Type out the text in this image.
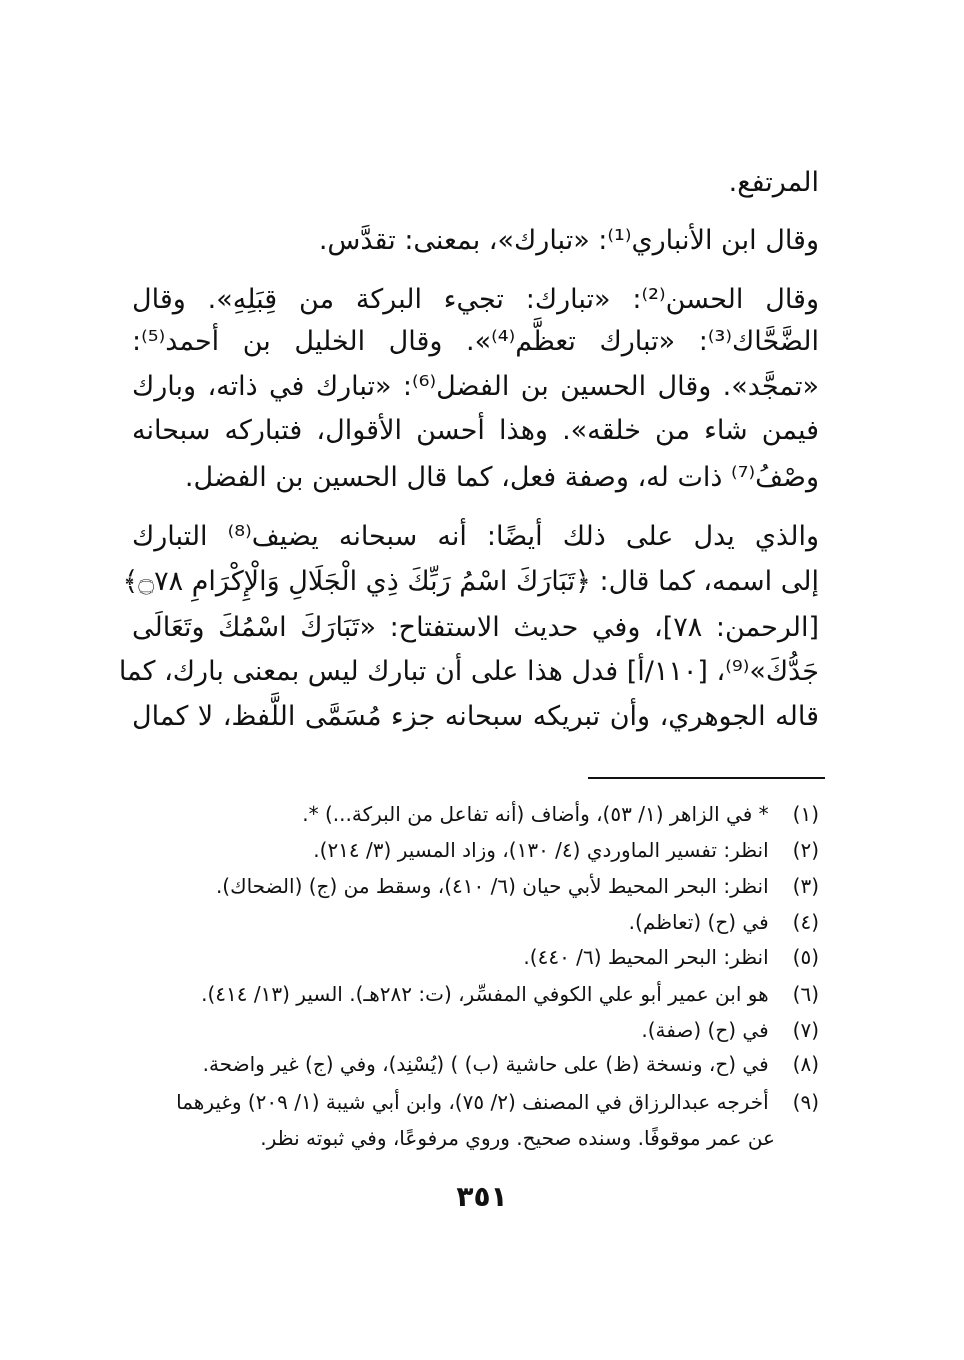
المرتفع.
وقال ابن الأنباري⁽¹⁾: «تبارك»، بمعنى: تقدَّس.
وقال الحسن⁽²⁾: «تبارك: تجيء البركة من قِبَلِهِ». وقال
الضَّحَّاك⁽³⁾: «تبارك تعظَّم⁽⁴⁾». وقال الخليل بن أحمد⁽⁵⁾:
«تمجَّد». وقال الحسين بن الفضل⁽⁶⁾: «تبارك في ذاته، وبارك
فيمن شاء من خلقه». وهذا أحسن الأقوال، فتباركه سبحانه
وصْفُ⁽⁷⁾ ذات له، وصفة فعل، كما قال الحسين بن الفضل.
والذي يدل على ذلك أيضًا: أنه سبحانه يضيف⁽⁸⁾ التبارك
إلى اسمه، كما قال: ﴿تَبَارَكَ اسْمُ رَبِّكَ ذِي الْجَلَالِ وَالْإِكْرَامِ ۝٧٨﴾
[الرحمن: ٧٨]، وفي حديث الاستفتاح: «تَبَارَكَ اسْمُكَ وتَعَالَى
جَدُّكَ»⁽⁹⁾، [١١٠/أ] فدل هذا على أن تبارك ليس بمعنى بارك، كما
قاله الجوهري، وأن تبريكه سبحانه جزء مُسَمَّى اللَّفظ، لا كمال
(١) * في الزاهر (١/ ٥٣)، وأضاف (أنه تفاعل من البركة...) *.
(٢) انظر: تفسير الماوردي (٤/ ١٣٠)، وزاد المسير (٣/ ٢١٤).
(٣) انظر: البحر المحيط لأبي حيان (٦/ ٤١٠)، وسقط من (ج) (الضحاك).
(٤) في (ح) (تعاظم).
(٥) انظر: البحر المحيط (٦/ ٤٤٠).
(٦) هو ابن عمير أبو علي الكوفي المفسِّر، (ت: ٢٨٢هـ). السير (١٣/ ٤١٤).
(٧) في (ح) (صفة).
(٨) في (ح، ونسخة (ظ) على حاشية (ب) ) (يُسْنِد)، وفي (ج) غير واضحة.
(٩) أخرجه عبدالرزاق في المصنف (٢/ ٧٥)، وابن أبي شيبة (١/ ٢٠٩) وغيرهما
عن عمر موقوفًا. وسنده صحيح. وروي مرفوعًا، وفي ثبوته نظر.
٣٥١
